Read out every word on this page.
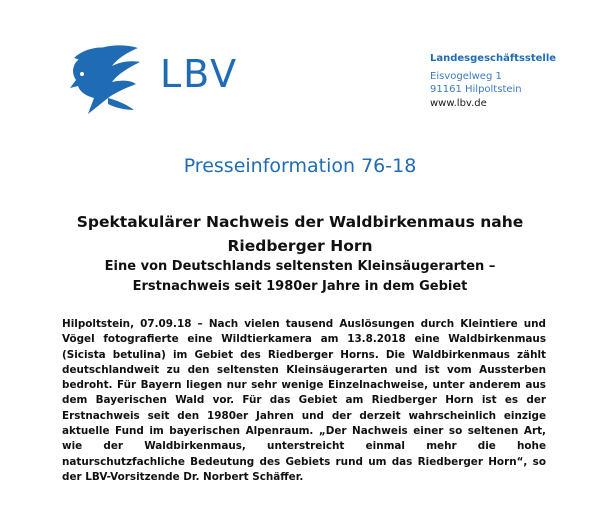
LBV	Landesgeschäftsstelle
Eisvogelweg 1
91161 Hilpoltstein
www.lbv.de
Presseinformation 76-18
Spektakulärer Nachweis der Waldbirkenmaus nahe Riedberger Horn
Eine von Deutschlands seltensten Kleinsäugerarten – Erstnachweis seit 1980er Jahre in dem Gebiet
Hilpoltstein, 07.09.18 – Nach vielen tausend Auslösungen durch Kleintiere und Vögel fotografierte eine Wildtierkamera am 13.8.2018 eine Waldbirkenmaus (Sicista betulina) im Gebiet des Riedberger Horns. Die Waldbirkenmaus zählt deutschlandweit zu den seltensten Kleinsäugerarten und ist vom Aussterben bedroht. Für Bayern liegen nur sehr wenige Einzelnachweise, unter anderem aus dem Bayerischen Wald vor. Für das Gebiet am Riedberger Horn ist es der Erstnachweis seit den 1980er Jahren und der derzeit wahrscheinlich einzige aktuelle Fund im bayerischen Alpenraum. „Der Nachweis einer so seltenen Art, wie der Waldbirkenmaus, unterstreicht einmal mehr die hohe naturschutzfachliche Bedeutung des Gebiets rund um das Riedberger Horn“, so der LBV-Vorsitzende Dr. Norbert Schäffer.
